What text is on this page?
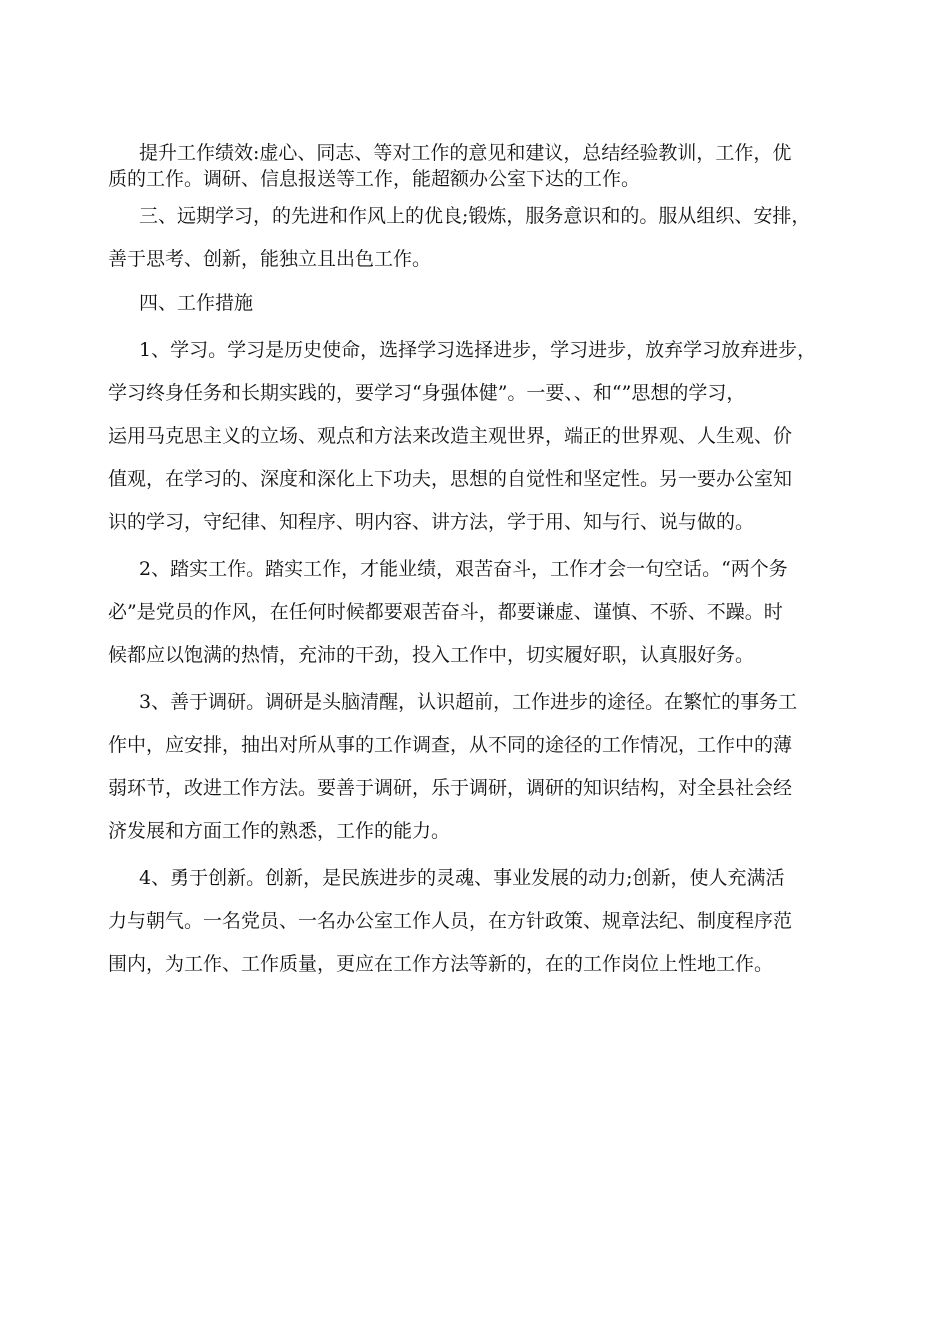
提升工作绩效:虚心、同志、等对工作的意见和建议，总结经验教训，工作，优
质的工作。调研、信息报送等工作，能超额办公室下达的工作。
三、远期学习，的先进和作风上的优良;锻炼，服务意识和的。服从组织、安排，
善于思考、创新，能独立且出色工作。
四、工作措施
1、学习。学习是历史使命，选择学习选择进步，学习进步，放弃学习放弃进步，
学习终身任务和长期实践的，要学习“身强体健”。一要、、和“”思想的学习，
运用马克思主义的立场、观点和方法来改造主观世界，端正的世界观、人生观、价
值观，在学习的、深度和深化上下功夫，思想的自觉性和坚定性。另一要办公室知
识的学习，守纪律、知程序、明内容、讲方法，学于用、知与行、说与做的。
2、踏实工作。踏实工作，才能业绩，艰苦奋斗，工作才会一句空话。“两个务
必”是党员的作风，在任何时候都要艰苦奋斗，都要谦虚、谨慎、不骄、不躁。时
候都应以饱满的热情，充沛的干劲，投入工作中，切实履好职，认真服好务。
3、善于调研。调研是头脑清醒，认识超前，工作进步的途径。在繁忙的事务工
作中，应安排，抽出对所从事的工作调查，从不同的途径的工作情况，工作中的薄
弱环节，改进工作方法。要善于调研，乐于调研，调研的知识结构，对全县社会经
济发展和方面工作的熟悉，工作的能力。
4、勇于创新。创新，是民族进步的灵魂、事业发展的动力;创新，使人充满活
力与朝气。一名党员、一名办公室工作人员，在方针政策、规章法纪、制度程序范
围内，为工作、工作质量，更应在工作方法等新的，在的工作岗位上性地工作。
